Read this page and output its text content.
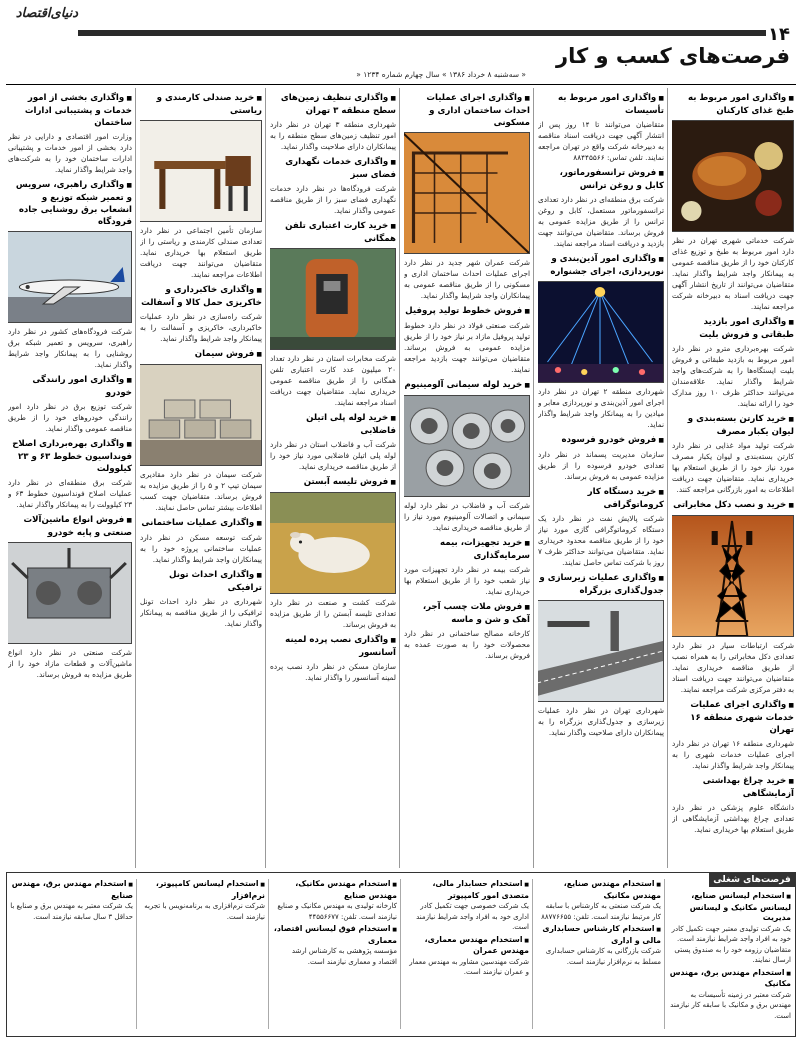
دنیای‌اقتصاد
۱۴
فرصت‌های کسب و کار
« سه‌شنبه ۸ خرداد ۱۳۸۶ » سال چهارم شماره ۱۲۳۴ «
■ واگذاری امور مربوط به طبخ غذای کارکنان
شرکت خدماتی شهری تهران در نظر دارد امور مربوط به طبخ و توزیع غذای کارکنان خود را از طریق مناقصه عمومی به پیمانکار واجد شرایط واگذار نماید. متقاضیان می‌توانند از تاریخ انتشار آگهی جهت دریافت اسناد به دبیرخانه شرکت مراجعه نمایند.
■ واگذاری امور بازدید طبقاتی و فروش بلیت
شرکت بهره‌برداری مترو در نظر دارد امور مربوط به بازدید طبقاتی و فروش بلیت ایستگاه‌ها را به شرکت‌های واجد شرایط واگذار نماید. علاقه‌مندان می‌توانند حداکثر ظرف ۱۰ روز مدارک خود را ارائه نمایند.
■ خرید کارتن بسته‌بندی و لیوان یکبار مصرف
شرکت تولید مواد غذایی در نظر دارد کارتن بسته‌بندی و لیوان یکبار مصرف مورد نیاز خود را از طریق استعلام بها خریداری نماید. متقاضیان جهت دریافت اطلاعات به امور بازرگانی مراجعه کنند.
■ خرید و نصب دکل مخابراتی
شرکت ارتباطات سیار در نظر دارد تعدادی دکل مخابراتی را به همراه نصب از طریق مناقصه خریداری نماید. متقاضیان می‌توانند جهت دریافت اسناد به دفتر مرکزی شرکت مراجعه نمایند.
■ واگذاری اجرای عملیات خدمات شهری منطقه ۱۶ تهران
شهرداری منطقه ۱۶ تهران در نظر دارد اجرای عملیات خدمات شهری را به پیمانکار واجد شرایط واگذار نماید.
■ خرید چراغ بهداشتی آزمایشگاهی
دانشگاه علوم پزشکی در نظر دارد تعدادی چراغ بهداشتی آزمایشگاهی از طریق استعلام بها خریداری نماید.
■ واگذاری امور مربوط به تأسیسات
متقاضیان می‌توانند تا ۱۴ روز پس از انتشار آگهی جهت دریافت اسناد مناقصه به دبیرخانه شرکت واقع در تهران مراجعه نمایند. تلفن تماس: ۸۸۴۴۵۵۶۶
■ فروش ترانسفورماتور، کابل و روغن ترانس
شرکت برق منطقه‌ای در نظر دارد تعدادی ترانسفورماتور مستعمل، کابل و روغن ترانس را از طریق مزایده عمومی به فروش برساند. متقاضیان می‌توانند جهت بازدید و دریافت اسناد مراجعه نمایند.
■ واگذاری امور آذین‌بندی و نورپردازی، اجرای جشنواره
شهرداری منطقه ۲ تهران در نظر دارد اجرای امور آذین‌بندی و نورپردازی معابر و میادین را به پیمانکار واجد شرایط واگذار نماید.
■ فروش خودرو فرسوده
سازمان مدیریت پسماند در نظر دارد تعدادی خودرو فرسوده را از طریق مزایده عمومی به فروش برساند.
■ خرید دستگاه کار کروماتوگرافی
شرکت پالایش نفت در نظر دارد یک دستگاه کروماتوگرافی گازی مورد نیاز خود را از طریق مناقصه محدود خریداری نماید. متقاضیان می‌توانند حداکثر ظرف ۷ روز با شرکت تماس حاصل نمایند.
■ واگذاری عملیات زیرسازی و جدول‌گذاری بزرگراه
شهرداری تهران در نظر دارد عملیات زیرسازی و جدول‌گذاری بزرگراه را به پیمانکاران دارای صلاحیت واگذار نماید.
■ واگذاری اجرای عملیات احداث ساختمان اداری و مسکونی
شرکت عمران شهر جدید در نظر دارد اجرای عملیات احداث ساختمان اداری و مسکونی را از طریق مناقصه عمومی به پیمانکاران واجد شرایط واگذار نماید.
■ فروش خطوط تولید پروفیل
شرکت صنعتی فولاد در نظر دارد خطوط تولید پروفیل مازاد بر نیاز خود را از طریق مزایده عمومی به فروش برساند. متقاضیان می‌توانند جهت بازدید مراجعه نمایند.
■ خرید لوله سیمانی آلومینیوم
شرکت آب و فاضلاب در نظر دارد لوله سیمانی و اتصالات آلومینیوم مورد نیاز را از طریق مناقصه خریداری نماید.
■ خرید تجهیزات، بیمه سرمایه‌گذاری
شرکت بیمه در نظر دارد تجهیزات مورد نیاز شعب خود را از طریق استعلام بها خریداری نماید.
■ فروش ملات چسب آجر، آهک و شن و ماسه
کارخانه مصالح ساختمانی در نظر دارد محصولات خود را به صورت عمده به فروش برساند.
■ واگذاری تنظیف زمین‌های سطح منطقه ۳ تهران
شهرداری منطقه ۳ تهران در نظر دارد امور تنظیف زمین‌های سطح منطقه را به پیمانکاران دارای صلاحیت واگذار نماید.
■ واگذاری خدمات نگهداری فضای سبز
شرکت فرودگاه‌ها در نظر دارد خدمات نگهداری فضای سبز را از طریق مناقصه عمومی واگذار نماید.
■ خرید کارت اعتباری تلفن همگانی
شرکت مخابرات استان در نظر دارد تعداد ۲۰ میلیون عدد کارت اعتباری تلفن همگانی را از طریق مناقصه عمومی خریداری نماید. متقاضیان جهت دریافت اسناد مراجعه نمایند.
■ خرید لوله پلی اتیلن فاضلابی
شرکت آب و فاضلاب استان در نظر دارد لوله پلی اتیلن فاضلابی مورد نیاز خود را از طریق مناقصه خریداری نماید.
■ فروش تلیسه آبستن
شرکت کشت و صنعت در نظر دارد تعدادی تلیسه آبستن را از طریق مزایده به فروش برساند.
■ واگذاری نصب پرده لمینه آسانسور
سازمان مسکن در نظر دارد نصب پرده لمینه آسانسور را واگذار نماید.
■ خرید صندلی کارمندی و ریاستی
سازمان تأمین اجتماعی در نظر دارد تعدادی صندلی کارمندی و ریاستی را از طریق استعلام بها خریداری نماید. متقاضیان می‌توانند جهت دریافت اطلاعات مراجعه نمایند.
■ واگذاری خاکبرداری و خاکریزی حمل کالا و آسفالت
شرکت راه‌سازی در نظر دارد عملیات خاکبرداری، خاکریزی و آسفالت را به پیمانکار واجد شرایط واگذار نماید.
■ فروش سیمان
شرکت سیمان در نظر دارد مقادیری سیمان تیپ ۲ و ۵ را از طریق مزایده به فروش برساند. متقاضیان جهت کسب اطلاعات بیشتر تماس حاصل نمایند.
■ واگذاری عملیات ساختمانی
شرکت توسعه مسکن در نظر دارد عملیات ساختمانی پروژه خود را به پیمانکاران واجد شرایط واگذار نماید.
■ واگذاری احداث تونل ترافیکی
شهرداری در نظر دارد احداث تونل ترافیکی را از طریق مناقصه به پیمانکار واگذار نماید.
■ واگذاری بخشی از امور خدمات و پشتیبانی ادارات ساختمان
وزارت امور اقتصادی و دارایی در نظر دارد بخشی از امور خدمات و پشتیبانی ادارات ساختمان خود را به شرکت‌های واجد شرایط واگذار نماید.
■ واگذاری راهبری، سرویس و تعمیر شبکه توزیع و انشعاب برق روشنایی جاده فرودگاه
شرکت فرودگاه‌های کشور در نظر دارد راهبری، سرویس و تعمیر شبکه برق روشنایی را به پیمانکار واجد شرایط واگذار نماید.
■ واگذاری امور رانندگی خودرو
شرکت توزیع برق در نظر دارد امور رانندگی خودروهای خود را از طریق مناقصه عمومی واگذار نماید.
■ واگذاری بهره‌برداری اصلاح فونداسیون خطوط ۶۳ و ۲۳ کیلوولت
شرکت برق منطقه‌ای در نظر دارد عملیات اصلاح فونداسیون خطوط ۶۳ و ۲۳ کیلوولت را به پیمانکار واگذار نماید.
■ فروش انواع ماشین‌آلات صنعتی و پایه خودرو
شرکت صنعتی در نظر دارد انواع ماشین‌آلات و قطعات مازاد خود را از طریق مزایده به فروش برساند.
فرصت‌های شغلی
■ استخدام لیسانس صنایع، لیسانس مکانیک و لیسانس مدیریت
یک شرکت تولیدی معتبر جهت تکمیل کادر خود به افراد واجد شرایط نیازمند است. متقاضیان رزومه خود را به صندوق پستی ارسال نمایند.
■ استخدام مهندس برق، مهندس مکانیک
شرکت معتبر در زمینه تأسیسات به مهندس برق و مکانیک با سابقه کار نیازمند است.
■ استخدام مهندس صنایع، مهندس مکانیک
یک شرکت صنعتی به کارشناس با سابقه کار مرتبط نیازمند است. تلفن: ۸۸۷۷۶۶۵۵
■ استخدام کارشناس حسابداری مالی و اداری
شرکت بازرگانی به کارشناس حسابداری مسلط به نرم‌افزار نیازمند است.
■ استخدام حسابدار مالی، متصدی امور کامپیوتر
یک شرکت خصوصی جهت تکمیل کادر اداری خود به افراد واجد شرایط نیازمند است.
■ استخدام مهندس معماری، مهندس عمران
شرکت مهندسین مشاور به مهندس معمار و عمران نیازمند است.
■ استخدام مهندس مکانیک، مهندس صنایع
کارخانه تولیدی به مهندس مکانیک و صنایع نیازمند است. تلفن: ۴۴۵۵۶۶۷۷
■ استخدام فوق لیسانس اقتصاد، معماری
مؤسسه پژوهشی به کارشناس ارشد اقتصاد و معماری نیازمند است.
■ استخدام لیسانس کامپیوتر، نرم‌افزار
شرکت نرم‌افزاری به برنامه‌نویس با تجربه نیازمند است.
■ استخدام مهندس برق، مهندس صنایع
یک شرکت معتبر به مهندس برق و صنایع با حداقل ۳ سال سابقه نیازمند است.
